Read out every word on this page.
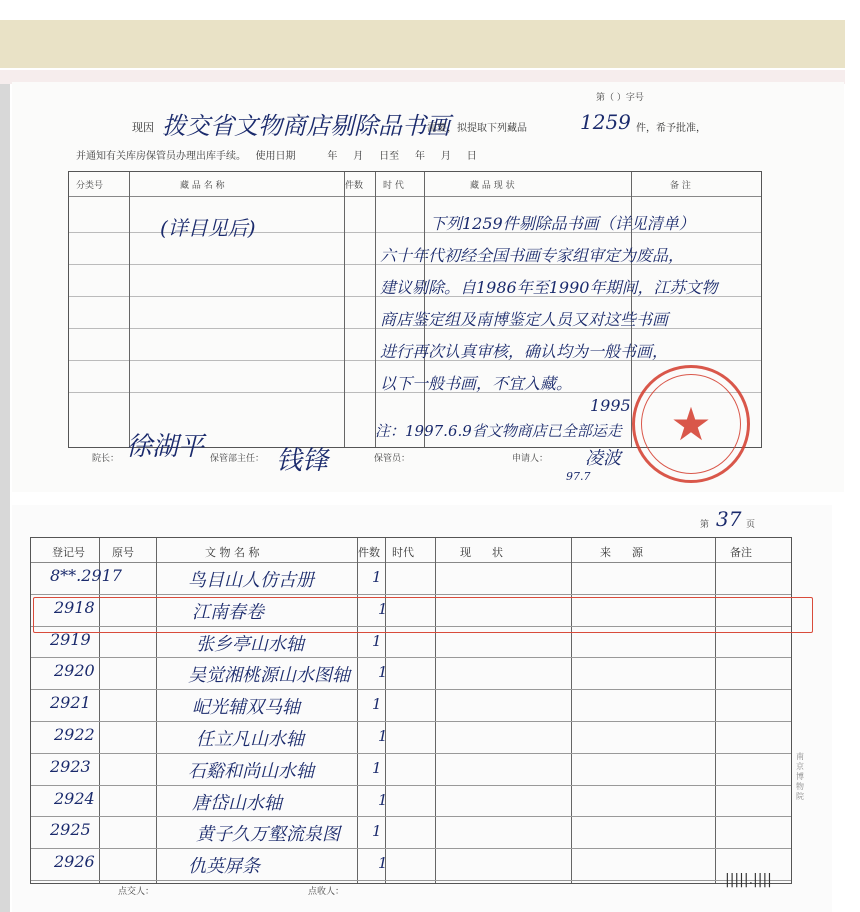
第（ ）字号
现因 拨交省文物商店剔除品书画
需要，拟提取下列藏品	1259 件，希予批准，
并通知有关库房保管员办理出库手续。   使用日期          年     月     日至     年     月     日
分类号	藏 品 名 称	件数 时 代	藏 品 现 状	备 注
(详目见后)	下列1259件剔除品书画（详见清单）
六十年代初经全国书画专家组审定为废品，
建议剔除。自1986年至1990年期间，江苏文物
商店鉴定组及南博鉴定人员又对这些书画
进行再次认真审核，确认均为一般书画，
以下一般书画，不宜入藏。
1995
注：1997.6.9省文物商店已全部运走
院长： 徐湖平 保管部主任： 钱锋	保管员：	申请人： 凌波
97.7
★
第 37 页
登记号 原号	文 物 名 称	件数 时代	现      状	来      源	备注
8**.2917	鸟目山人仿古册	1
2918	江南春卷	1
2919	张乡亭山水轴	1
2920	吴觉湘桃源山水图轴 1
2921	屺光辅双马轴	1
2922	任立凡山水轴	1
2923	石谿和尚山水轴	1
2924	唐岱山水轴	1
2925	黄子久万壑流泉图 1
2926	仇英屏条	1
点交人：	点收人：
南京博物院
|||||.||||
